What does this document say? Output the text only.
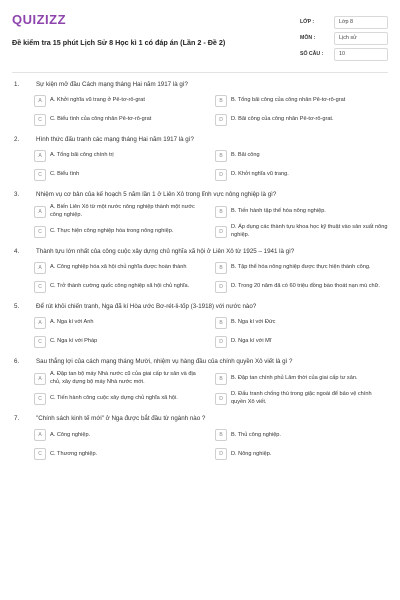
QUIZIZZ
Đề kiểm tra 15 phút Lịch Sử 8 Học kì 1 có đáp án (Lần 2 - Đề 2)
LỚP :	Lớp 8
MÔN :	Lịch sử
SỐ CÂU :	10
1.	Sự kiện mở đầu Cách mạng tháng Hai năm 1917 là gì?
A	A. Khởi nghĩa vũ trang ở Pê-tơ-rô-grat	B	B. Tổng bãi công của công nhân Pê-tơ-rô-grat
C	C. Biểu tình của công nhân Pê-tơ-rô-grat	D	D. Bãi công của công nhân Pê-tơ-rô-grat.
2.	Hình thức đấu tranh các mạng tháng Hai năm 1917 là gì?
A	A. Tổng bãi công chính trị	B	B. Bãi công
C	C. Biểu tình	D	D. Khởi nghĩa vũ trang.
3.	Nhiệm vụ cơ bản của kế hoạch 5 năm lần 1 ở Liên Xô trong lĩnh vực nông nghiệp là gì?
A
A. Biến Liên Xô từ một nước nông nghiệp thành một nước công nghiệp.	B	B. Tiến hành tập thể hóa nông nghiệp.
C	C. Thực hiện công nghiệp hóa trong nông nghiệp.	D
D. Áp dụng các thành tựu khoa học kỹ thuật vào sản xuất nông nghiệp.
4.	Thành tựu lớn nhất của công cuộc xây dựng chủ nghĩa xã hội ở Liên Xô từ 1925 – 1941 là gì?
A	A. Công nghiệp hóa xã hội chủ nghĩa được hoàn thành	B	B. Tập thể hóa nông nghiệp được thực hiện thành công.
C	C. Trở thành cường quốc công nghiệp xã hội chủ nghĩa.	D	D. Trong 20 năm đã có 60 triệu đồng bào thoát nạn mù chữ.
5.	Để rút khỏi chiến tranh, Nga đã kí Hòa ước Bơ-rét-li-tốp (3-1918) với nước nào?
A	A. Nga kí với Anh	B	B. Nga kí với Đức
C	C. Nga kí với Pháp	D	D. Nga kí với Mĩ
6.	Sau thắng lợi của cách mạng tháng Mười, nhiệm vụ hàng đầu của chính quyền Xô viết là gì ?
A
A. Đập tan bộ máy Nhà nước cũ của giai cấp tư sản và địa chủ, xây dựng bộ máy Nhà nước mới.	B	B. Đập tan chính phủ Lâm thời của giai cấp tư sản.
C	C. Tiến hành công cuộc xây dựng chủ nghĩa xã hội.	D
D. Đấu tranh chống thù trong giặc ngoài để bảo vệ chính quyền Xô viết.
7.	"Chính sách kinh tế mới" ở Nga được bắt đầu từ ngành nào ?
A	A. Công nghiệp.	B	B. Thủ công nghiệp.
C	C. Thương nghiệp.	D	D. Nông nghiệp.
